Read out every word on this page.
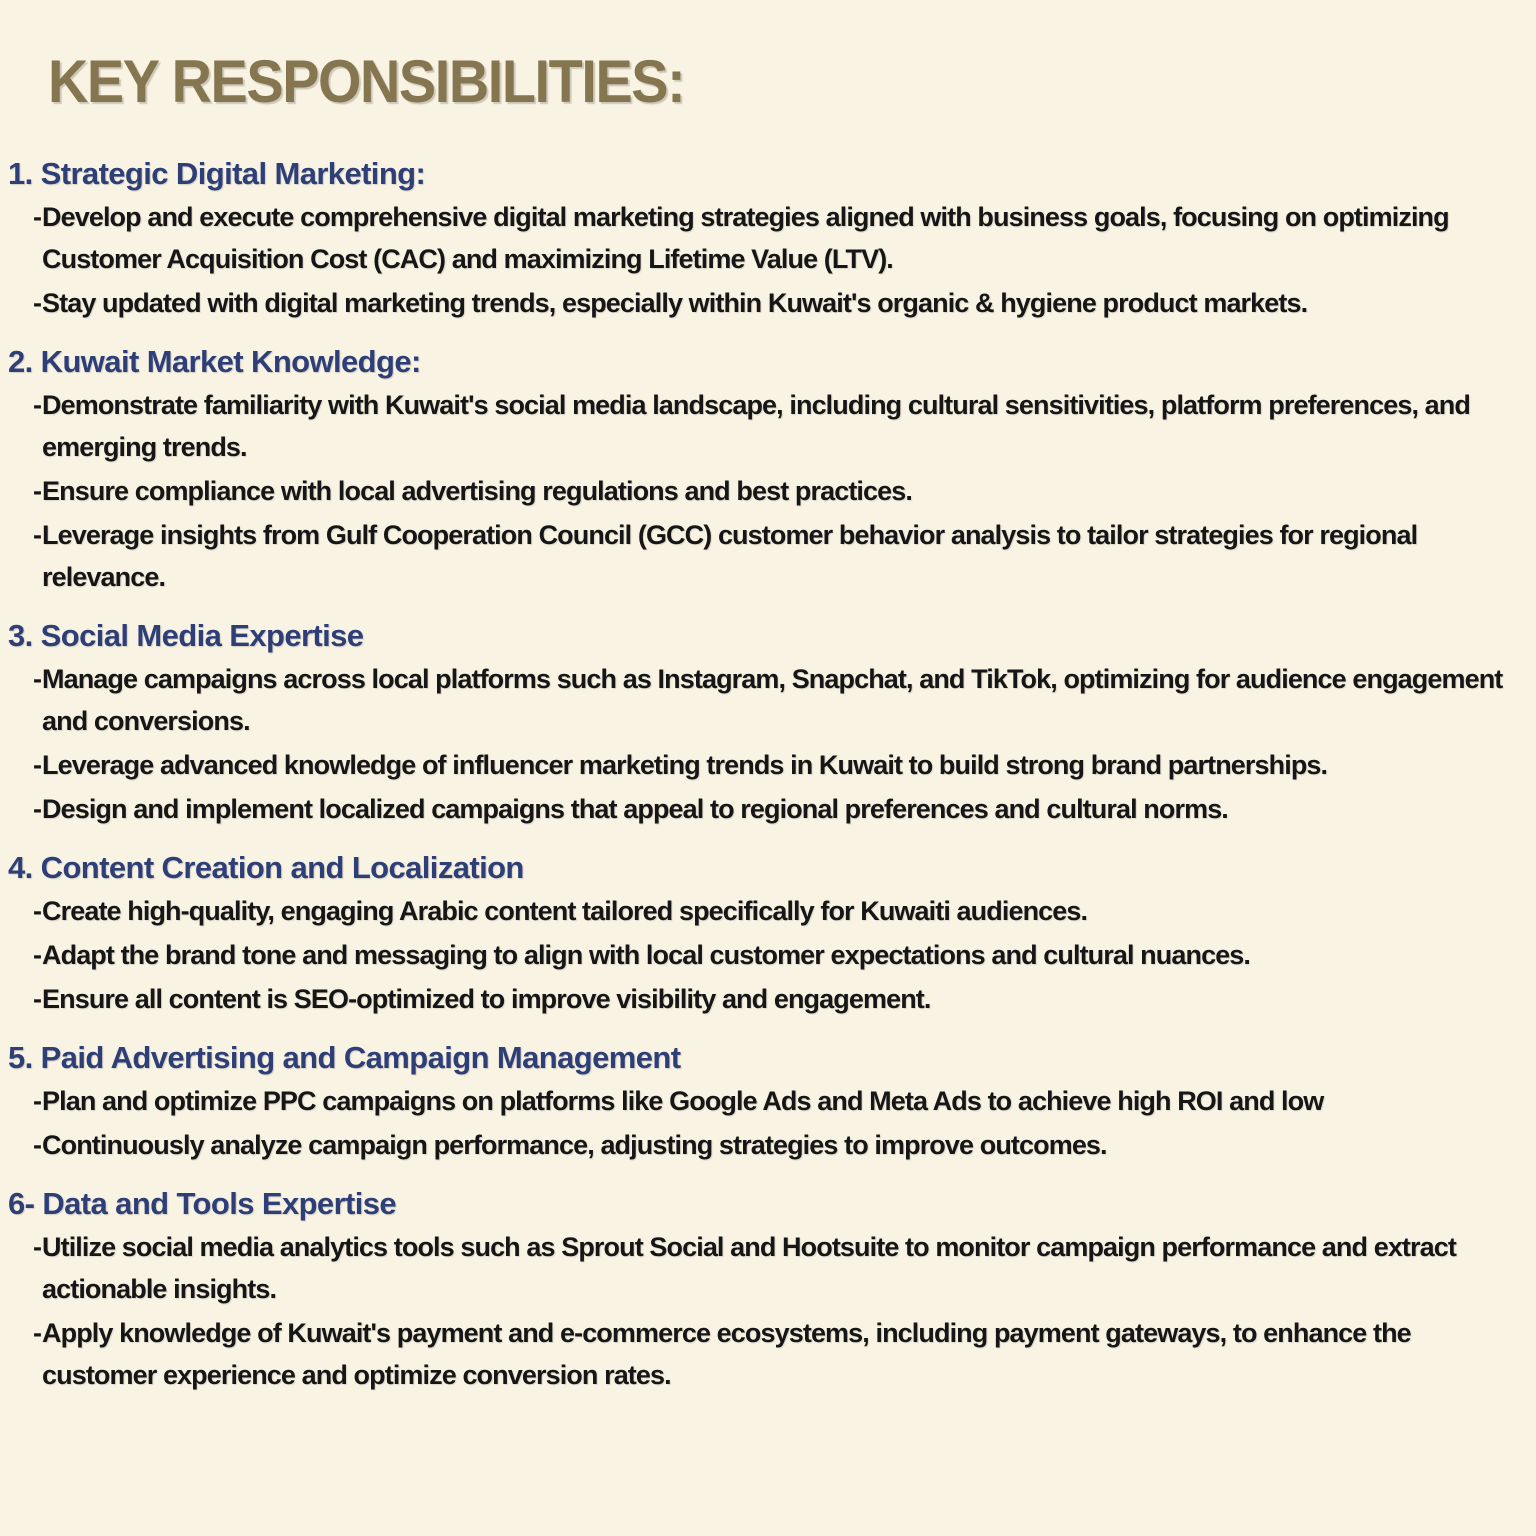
KEY RESPONSIBILITIES:
1. Strategic Digital Marketing:
- Develop and execute comprehensive digital marketing strategies aligned with business goals, focusing on optimizing Customer Acquisition Cost (CAC) and maximizing Lifetime Value (LTV).
- Stay updated with digital marketing trends, especially within Kuwait's organic & hygiene product markets.
2. Kuwait Market Knowledge:
- Demonstrate familiarity with Kuwait's social media landscape, including cultural sensitivities, platform preferences, and emerging trends.
- Ensure compliance with local advertising regulations and best practices.
- Leverage insights from Gulf Cooperation Council (GCC) customer behavior analysis to tailor strategies for regional relevance.
3. Social Media Expertise
- Manage campaigns across local platforms such as Instagram, Snapchat, and TikTok, optimizing for audience engagement and conversions.
- Leverage advanced knowledge of influencer marketing trends in Kuwait to build strong brand partnerships.
- Design and implement localized campaigns that appeal to regional preferences and cultural norms.
4. Content Creation and Localization
- Create high-quality, engaging Arabic content tailored specifically for Kuwaiti audiences.
- Adapt the brand tone and messaging to align with local customer expectations and cultural nuances.
- Ensure all content is SEO-optimized to improve visibility and engagement.
5. Paid Advertising and Campaign Management
- Plan and optimize PPC campaigns on platforms like Google Ads and Meta Ads to achieve high ROI and low
- Continuously analyze campaign performance, adjusting strategies to improve outcomes.
6- Data and Tools Expertise
- Utilize social media analytics tools such as Sprout Social and Hootsuite to monitor campaign performance and extract actionable insights.
- Apply knowledge of Kuwait's payment and e-commerce ecosystems, including payment gateways, to enhance the customer experience and optimize conversion rates.
